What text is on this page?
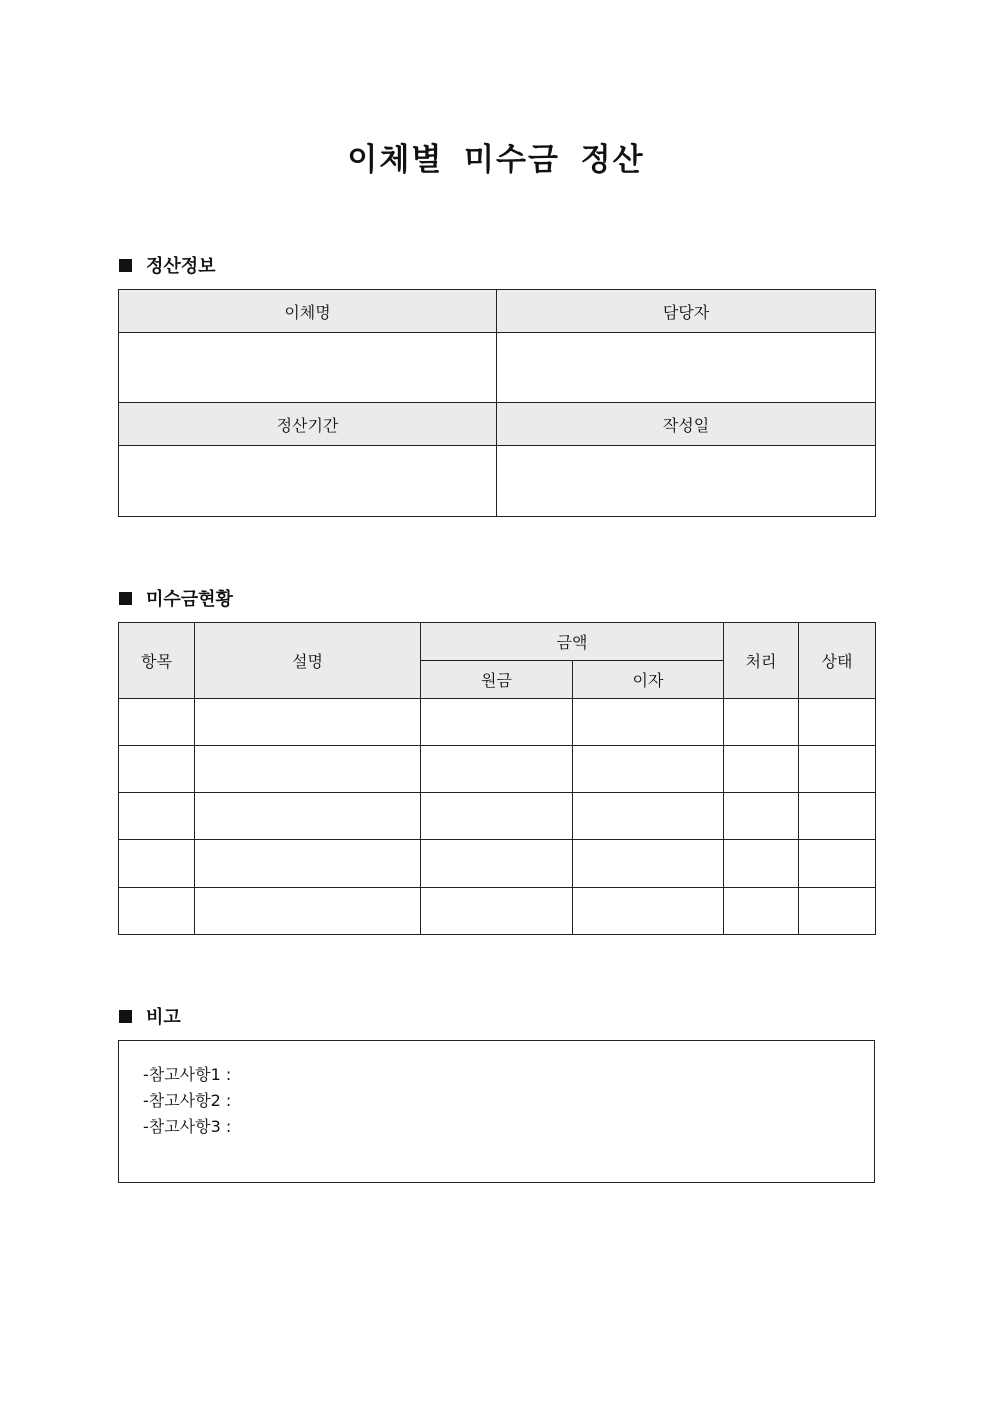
이체별 미수금 정산
정산정보
이체명	담당자

정산기간	작성일

미수금현황
항목	설명	금액		처리	상태
		원금	이자		

비고
-참고사항1 :
-참고사항2 :
-참고사항3 :
